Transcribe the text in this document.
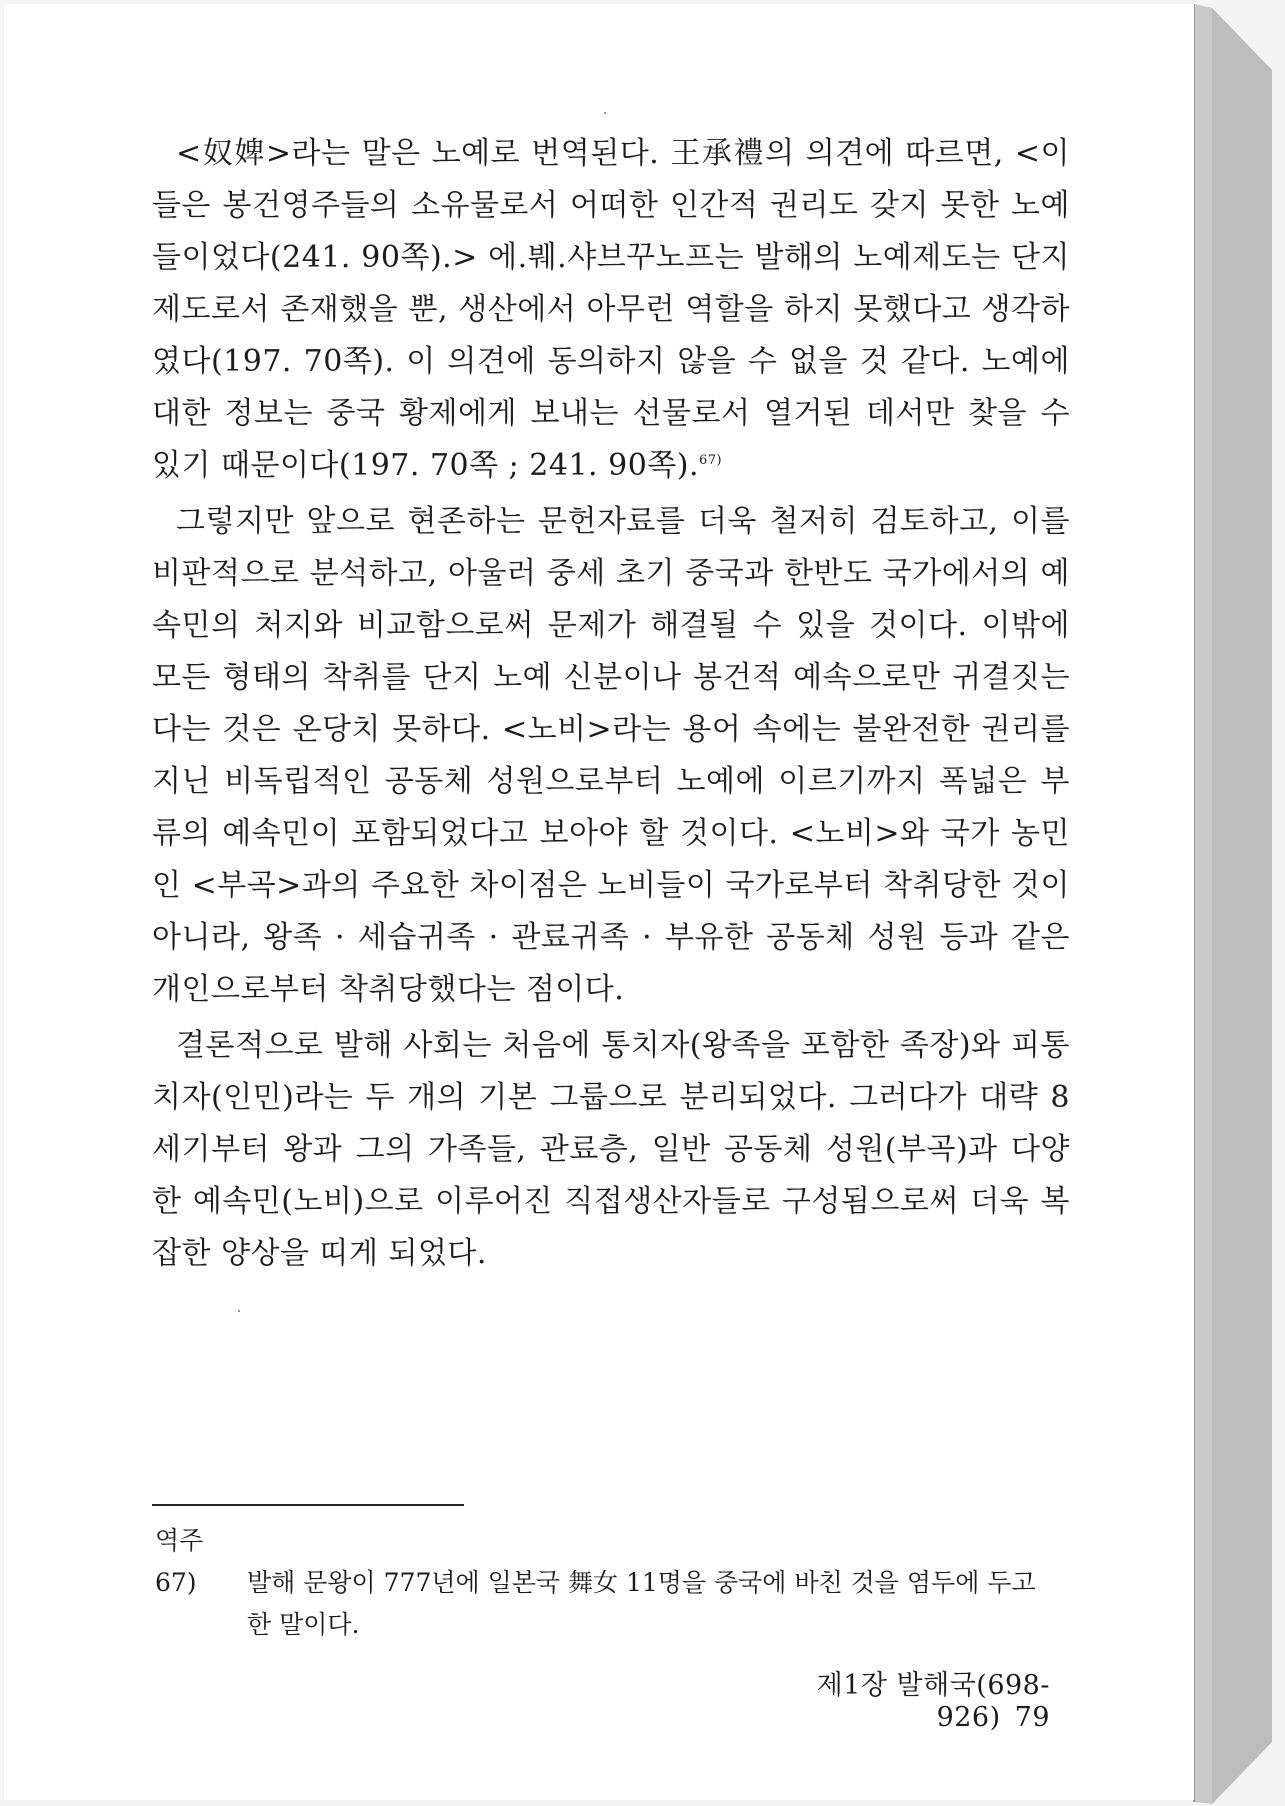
<奴婢>라는 말은 노예로 번역된다. 王承禮의 의견에 따르면, <이들은 봉건영주들의 소유물로서 어떠한 인간적 권리도 갖지 못한 노예들이었다(241. 90쪽).> 에.붸.샤브꾸노프는 발해의 노예제도는 단지 제도로서 존재했을 뿐, 생산에서 아무런 역할을 하지 못했다고 생각하였다(197. 70쪽). 이 의견에 동의하지 않을 수 없을 것 같다. 노예에 대한 정보는 중국 황제에게 보내는 선물로서 열거된 데서만 찾을 수 있기 때문이다(197. 70쪽 ; 241. 90쪽).$^{67)}$

그렇지만 앞으로 현존하는 문헌자료를 더욱 철저히 검토하고, 이를 비판적으로 분석하고, 아울러 중세 초기 중국과 한반도 국가에서의 예속민의 처지와 비교함으로써 문제가 해결될 수 있을 것이다. 이밖에 모든 형태의 착취를 단지 노예 신분이나 봉건적 예속으로만 귀결짓는다는 것은 온당치 못하다. <노비>라는 용어 속에는 불완전한 권리를 지닌 비독립적인 공동체 성원으로부터 노예에 이르기까지 폭넓은 부류의 예속민이 포함되었다고 보아야 할 것이다. <노비>와 국가 농민인 <부곡>과의 주요한 차이점은 노비들이 국가로부터 착취당한 것이 아니라, 왕족 · 세습귀족 · 관료귀족 · 부유한 공동체 성원 등과 같은 개인으로부터 착취당했다는 점이다.

결론적으로 발해 사회는 처음에 통치자(왕족을 포함한 족장)와 피통치자(인민)라는 두 개의 기본 그룹으로 분리되었다. 그러다가 대략 8세기부터 왕과 그의 가족들, 관료층, 일반 공동체 성원(부곡)과 다양한 예속민(노비)으로 이루어진 직접생산자들로 구성됨으로써 더욱 복잡한 양상을 띠게 되었다.

역주 67) 발해 문왕이 777년에 일본국 舞女 11명을 중국에 바친 것을 염두에 두고
한 말이다.
제1장 발해국(698-926) 79
